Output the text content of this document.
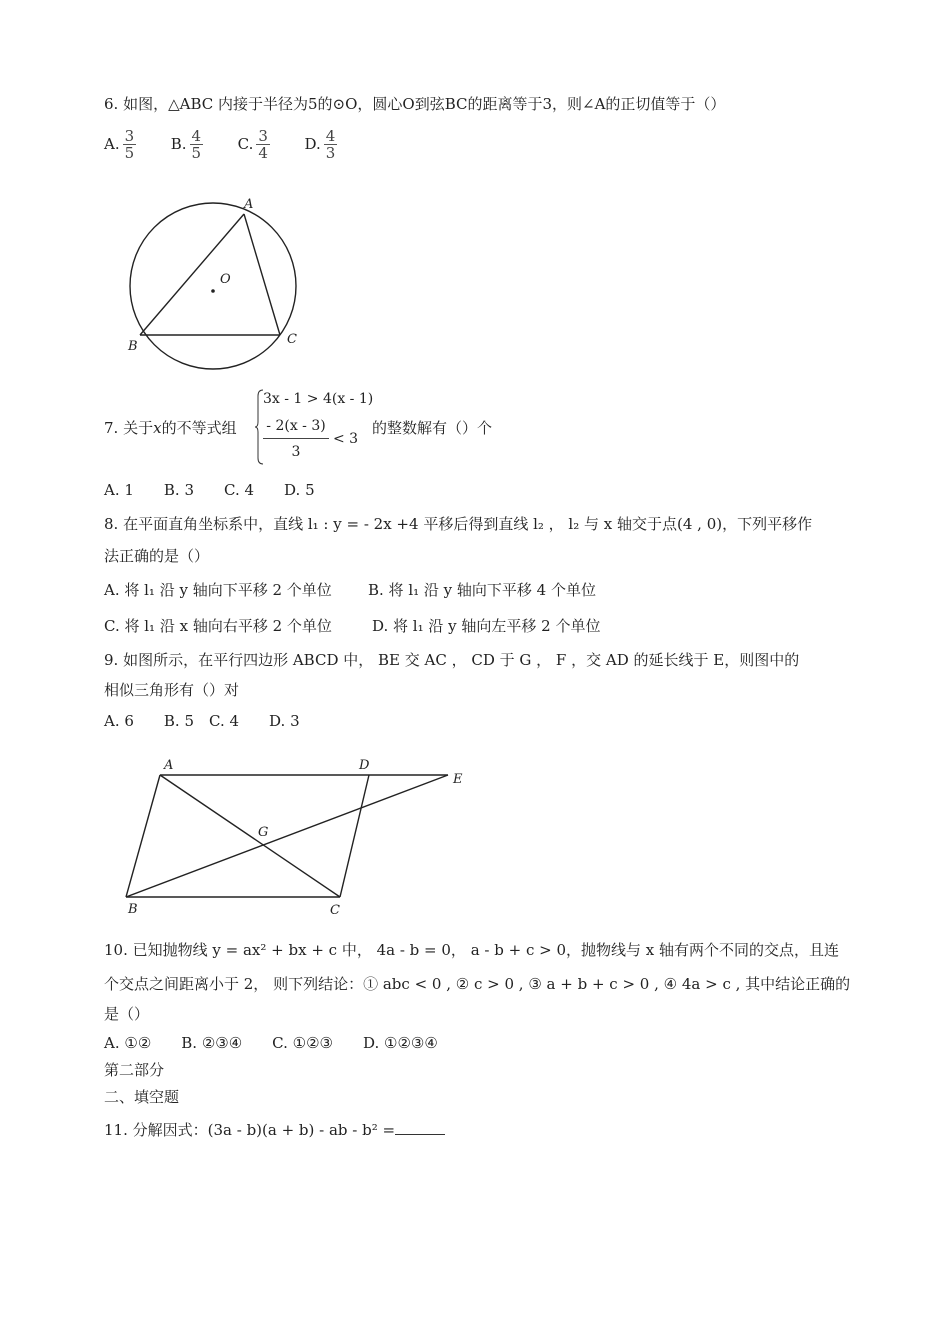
6. 如图，△ABC 内接于半径为5的⊙O，圆心O到弦BC的距离等于3，则∠A的正切值等于（）
A. $\frac{3}{5} B$. $\frac{4}{5} C$. $\frac{3}{4} D$. $\frac{4}{3}$
A
O
B	C
7. 关于x的不等式组
3x - 1 > 4(x - 1)
- 2(x - 3)
3
< 3
的整数解有（）个
A. 1　　B. 3　　C. 4　　D. 5
8. 在平面直角坐标系中，直线 l₁ : y = - 2x +4 平移后得到直线 l₂ ， l₂ 与 x 轴交于点(4 , 0)，下列平移作
法正确的是（）
A. 将 l₁ 沿 y 轴向下平移 2 个单位 B. 将 l₁ 沿 y 轴向下平移 4 个单位
C. 将 l₁ 沿 x 轴向右平移 2 个单位	D. 将 l₁ 沿 y 轴向左平移 2 个单位
9. 如图所示，在平行四边形 ABCD 中， BE 交 AC ， CD 于 G ， F ，交 AD 的延长线于 E，则图中的
相似三角形有（）对
A. 6　　B. 5　C. 4　　D. 3
A	D
E
G
B	C
10. 已知抛物线 y = ax² + bx + c 中， 4a - b = 0， a - b + c > 0，抛物线与 x 轴有两个不同的交点，且连
个交点之间距离小于 2， 则下列结论：① abc < 0 , ② c > 0 , ③ a + b + c > 0 , ④ 4a > c , 其中结论正确的
是（）
A. ①②　　B. ②③④　　C. ①②③　　D. ①②③④
第二部分
二、填空题
11. 分解因式：(3a - b)(a + b) - ab - b² =
